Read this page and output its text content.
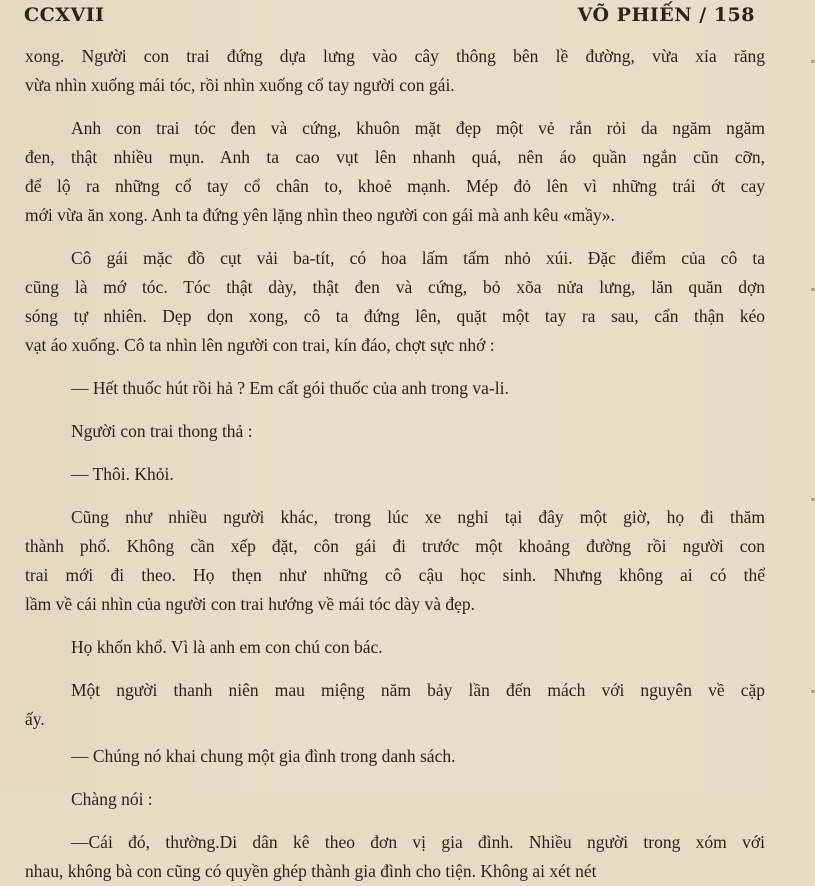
CCXVII	VÕ PHIẾN / 158
xong. Người con trai đứng dựa lưng vào cây thông bên lề đường, vừa xỉa răng
vừa nhìn xuống mái tóc, rồi nhìn xuống cổ tay người con gái.
Anh con trai tóc đen và cứng, khuôn mặt đẹp một vẻ rắn rỏi da ngăm ngăm
đen, thật nhiều mụn. Anh ta cao vụt lên nhanh quá, nên áo quần ngắn cũn cỡn,
để lộ ra những cổ tay cổ chân to, khoẻ mạnh. Mép đỏ lên vì những trái ớt cay
mới vừa ăn xong. Anh ta đứng yên lặng nhìn theo người con gái mà anh kêu «mầy».
Cô gái mặc đồ cụt vải ba-tít, có hoa lấm tấm nhỏ xúi. Đặc điểm của cô ta
cũng là mớ tóc. Tóc thật dày, thật đen và cứng, bỏ xõa nửa lưng, lăn quăn dợn
sóng tự nhiên. Dẹp dọn xong, cô ta đứng lên, quặt một tay ra sau, cẩn thận kéo
vạt áo xuống. Cô ta nhìn lên người con trai, kín đáo, chợt sực nhớ :
— Hết thuốc hút rồi hả ? Em cất gói thuốc của anh trong va-li.
Người con trai thong thả :
— Thôi. Khỏi.
Cũng như nhiều người khác, trong lúc xe nghỉ tại đây một giờ, họ đi thăm
thành phố. Không cần xếp đặt, côn gái đi trước một khoảng đường rồi người con
trai mới đi theo. Họ thẹn như những cô cậu học sinh. Nhưng không ai có thể
lầm về cái nhìn của người con trai hướng về mái tóc dày và đẹp.
Họ khốn khổ. Vì là anh em con chú con bác.
Một người thanh niên mau miệng năm bảy lần đến mách với nguyên về cặp
ấy.
— Chúng nó khai chung một gia đình trong danh sách.
Chàng nói :
—Cái đó, thường.Di dân kê theo đơn vị gia đình. Nhiều người trong xóm với
nhau, không bà con cũng có quyền ghép thành gia đình cho tiện. Không ai xét nét
